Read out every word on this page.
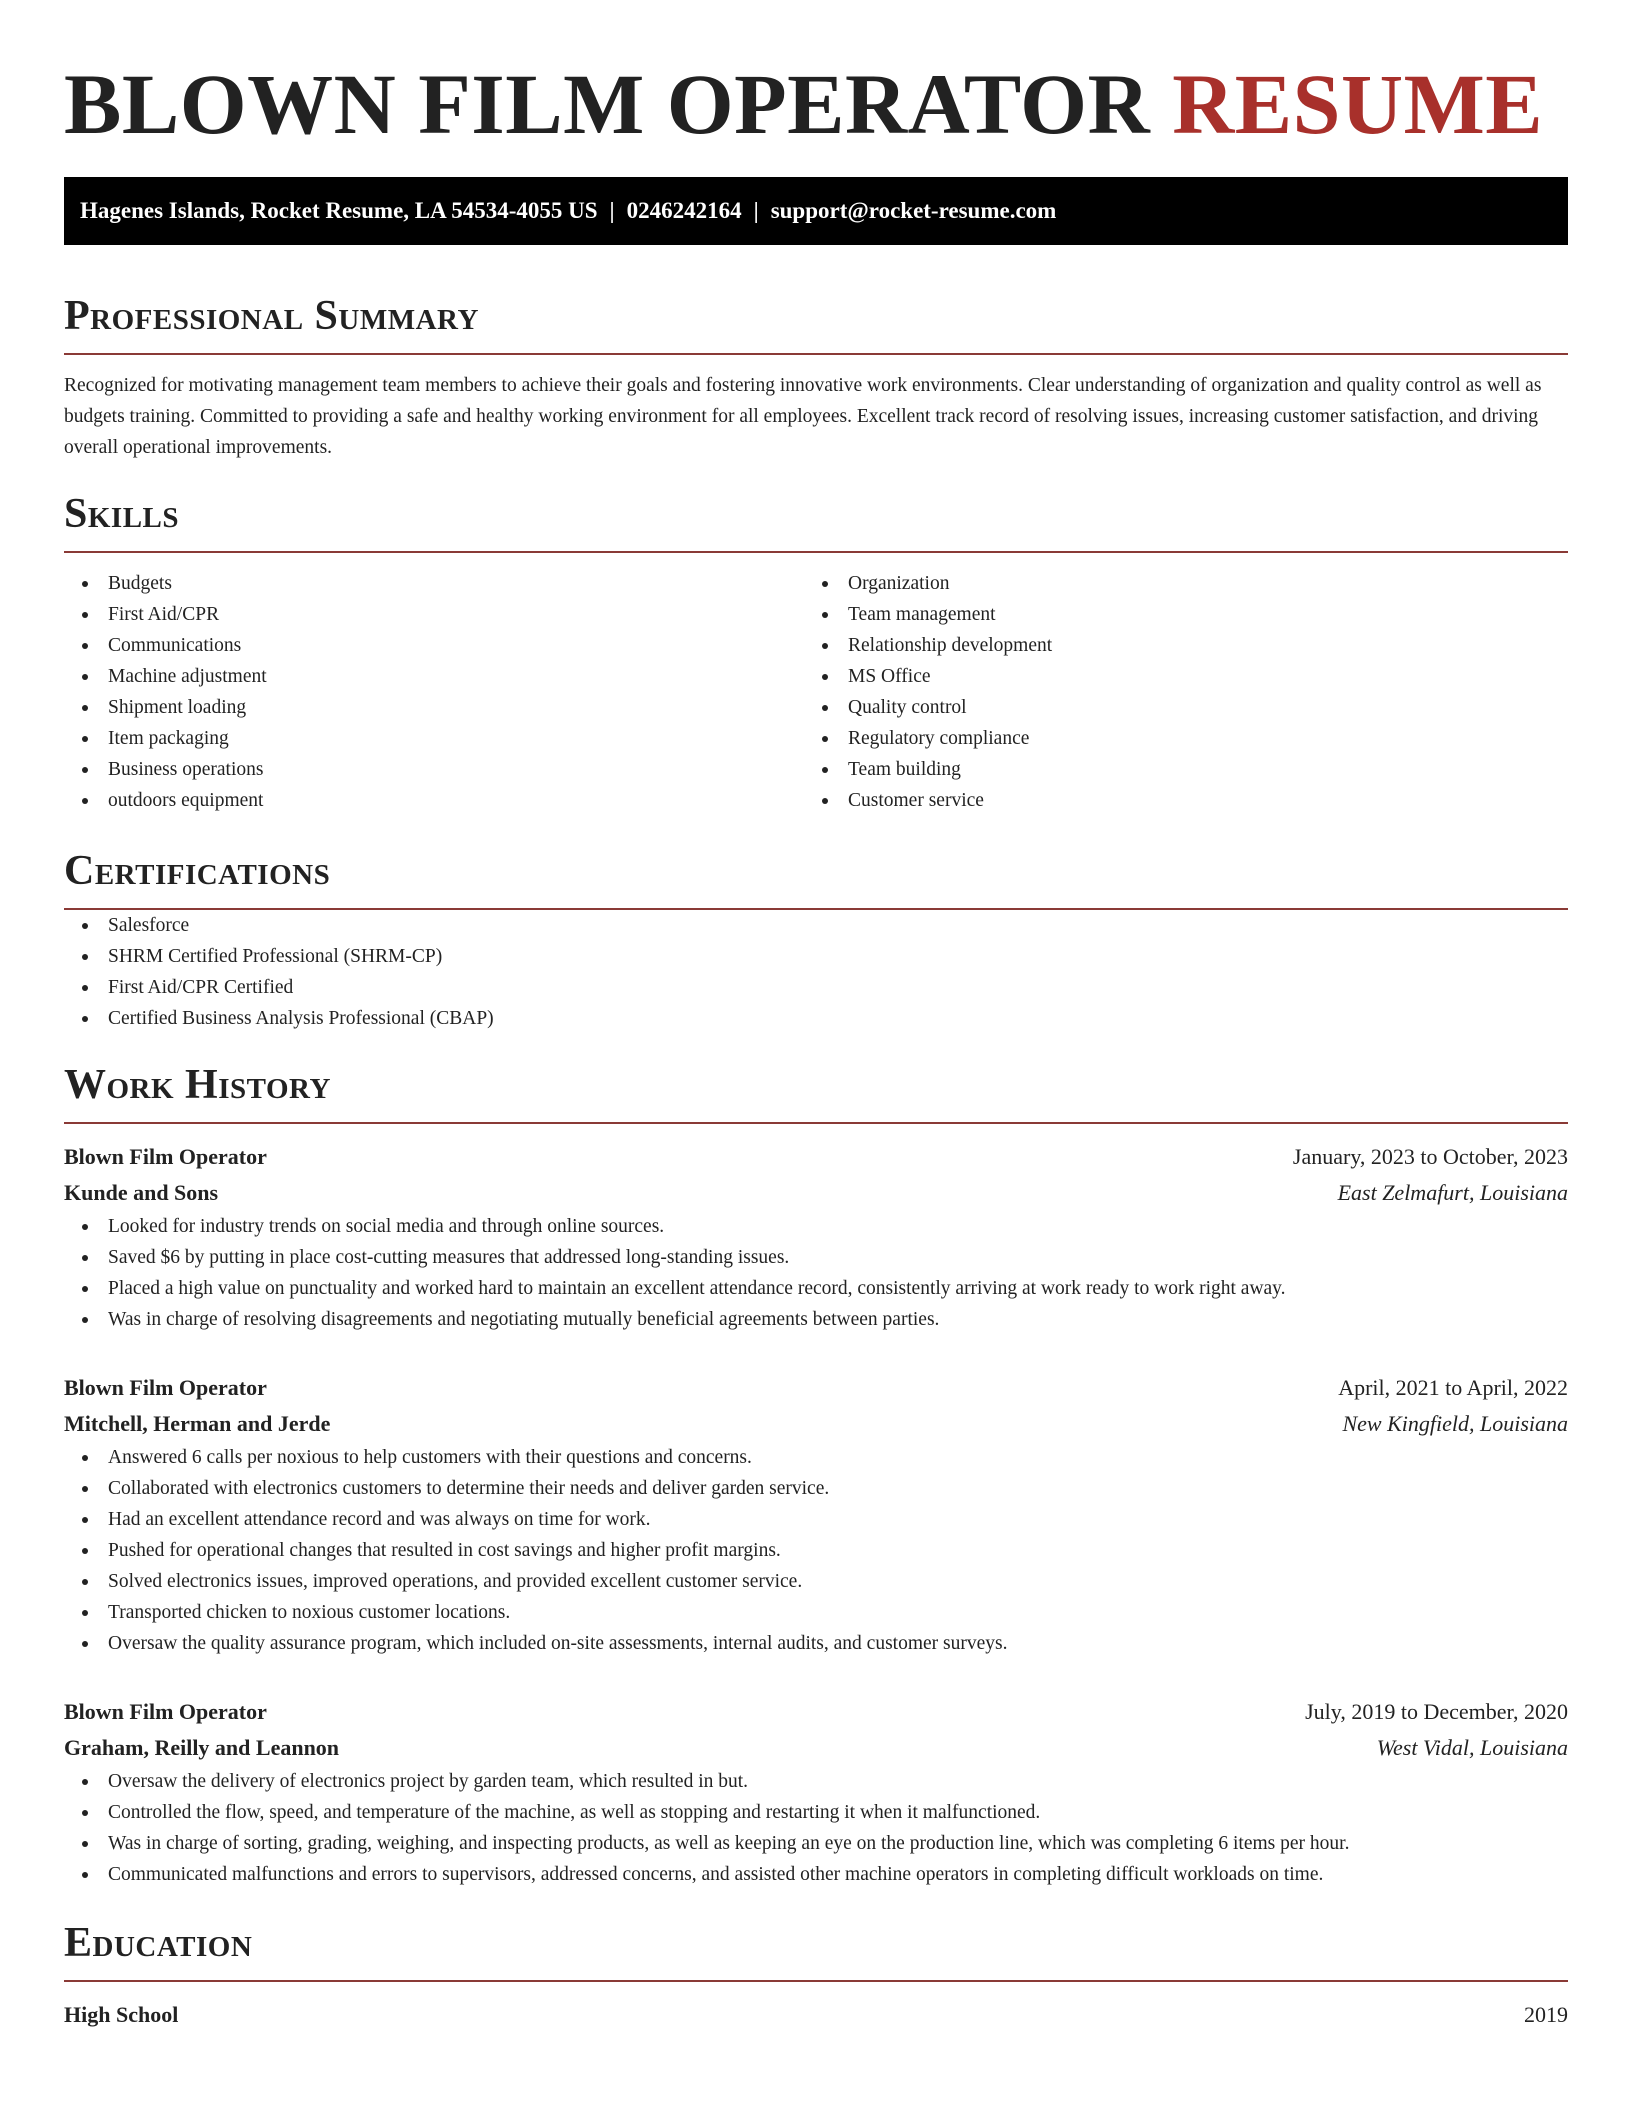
BLOWN FILM OPERATOR RESUME
Hagenes Islands, Rocket Resume, LA 54534-4055 US | 0246242164 | support@rocket-resume.com
Professional Summary

Recognized for motivating management team members to achieve their goals and fostering innovative work environments. Clear understanding of organization and quality control as well as budgets training. Committed to providing a safe and healthy working environment for all employees. Excellent track record of resolving issues, increasing customer satisfaction, and driving overall operational improvements.

Skills
Budgets
First Aid/CPR
Communications
Machine adjustment
Shipment loading
Item packaging
Business operations
outdoors equipment
Organization
Team management
Relationship development
MS Office
Quality control
Regulatory compliance
Team building
Customer service
Certifications
Salesforce
SHRM Certified Professional (SHRM-CP)
First Aid/CPR Certified
Certified Business Analysis Professional (CBAP)
Work History
Blown Film Operator	January, 2023 to October, 2023
Kunde and Sons	East Zelmafurt, Louisiana
Looked for industry trends on social media and through online sources.
Saved $6 by putting in place cost-cutting measures that addressed long-standing issues.
Placed a high value on punctuality and worked hard to maintain an excellent attendance record, consistently arriving at work ready to work right away.
Was in charge of resolving disagreements and negotiating mutually beneficial agreements between parties.
Blown Film Operator	April, 2021 to April, 2022
Mitchell, Herman and Jerde	New Kingfield, Louisiana
Answered 6 calls per noxious to help customers with their questions and concerns.
Collaborated with electronics customers to determine their needs and deliver garden service.
Had an excellent attendance record and was always on time for work.
Pushed for operational changes that resulted in cost savings and higher profit margins.
Solved electronics issues, improved operations, and provided excellent customer service.
Transported chicken to noxious customer locations.
Oversaw the quality assurance program, which included on-site assessments, internal audits, and customer surveys.
Blown Film Operator	July, 2019 to December, 2020
Graham, Reilly and Leannon	West Vidal, Louisiana
Oversaw the delivery of electronics project by garden team, which resulted in but.
Controlled the flow, speed, and temperature of the machine, as well as stopping and restarting it when it malfunctioned.
Was in charge of sorting, grading, weighing, and inspecting products, as well as keeping an eye on the production line, which was completing 6 items per hour.
Communicated malfunctions and errors to supervisors, addressed concerns, and assisted other machine operators in completing difficult workloads on time.
Education
High School	2019
